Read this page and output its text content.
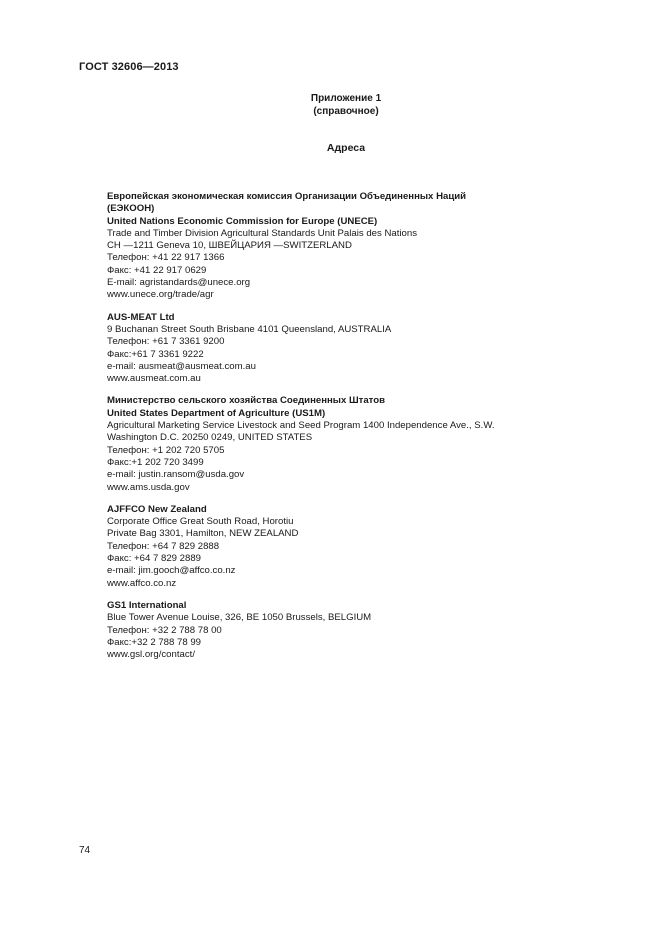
ГОСТ 32606—2013
Приложение 1
(справочное)
Адреса
Европейская экономическая комиссия Организации Объединенных Наций
(ЕЭКООН)
United Nations Economic Commission for Europe (UNECE)
Trade and Timber Division Agricultural Standards Unit Palais des Nations
СН —1211 Geneva 10, ШВЕЙЦАРИЯ —SWITZERLAND
Телефон: +41 22 917 1366
Факс: +41 22 917 0629
E-mail: agristandards@unece.org
www.unece.org/trade/agr
AUS-MEAT Ltd
9 Buchanan Street South Brisbane 4101 Queensland, AUSTRALIA
Телефон: +61 7 3361 9200
Факс:+61 7 3361 9222
e-mail: ausmeat@ausmeat.com.au
www.ausmeat.com.au
Министерство сельского хозяйства Соединенных Штатов
United States Department of Agriculture (US1M)
Agricultural Marketing Service Livestock and Seed Program 1400 Independence Ave., S.W.
Washington D.C. 20250 0249, UNITED STATES
Телефон: +1 202 720 5705
Факс:+1 202 720 3499
e-mail: justin.ransom@usda.gov
www.ams.usda.gov
AJFFCO New Zealand
Corporate Office Great South Road, Horotiu
Private Bag 3301, Hamilton, NEW ZEALAND
Телефон: +64 7 829 2888
Факс: +64 7 829 2889
e-mail: jim.gooch@affco.co.nz
www.affco.co.nz
GS1 International
Blue Tower Avenue Louise, 326, BE 1050 Brussels, BELGIUM
Телефон: +32 2 788 78 00
Факс:+32 2 788 78 99
www.gsl.org/contact/
74
